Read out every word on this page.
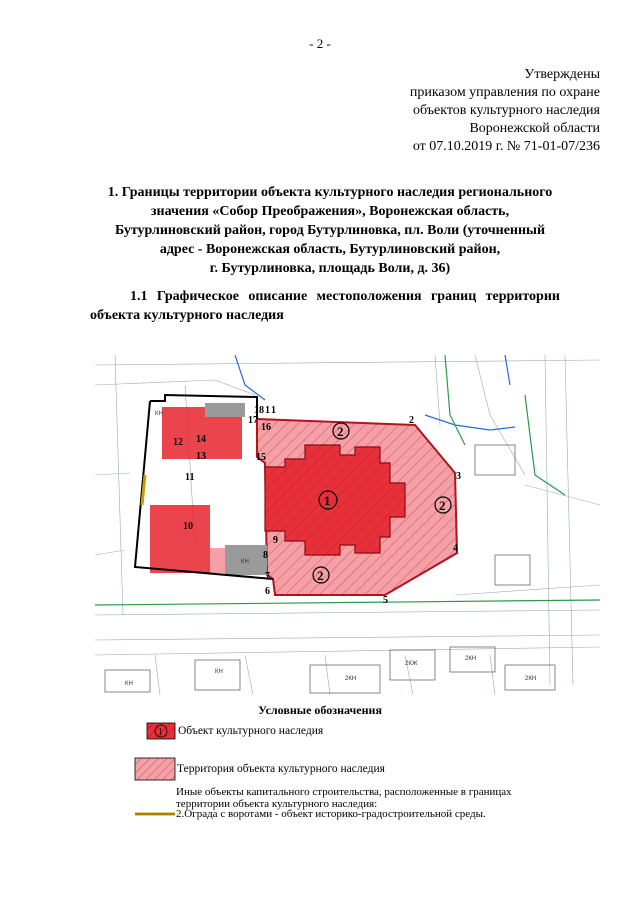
- 2 -
Утверждены
приказом управления по охране
объектов культурного наследия
Воронежской области
от 07.10.2019 г. № 71-01-07/236
1. Границы территории объекта культурного наследия регионального
значения «Собор Преображения», Воронежская область,
Бутурлиновский район, город Бутурлиновка, пл. Воли (уточненный
адрес - Воронежская область, Бутурлиновский район,
г. Бутурлиновка, площадь Воли, д. 36)
1.1 Графическое описание местоположения границ территории
объекта культурного наследия
1
2
3
4
5
6
7
8
9
10
11
12
13
14
15
16
17
18 1
1
2
2
2
КН
КН
2КН
2КЖ
2КН
КН
2КН
КН
Условные обозначения
1 Объект культурного наследия
Территория объекта культурного наследия
Иные объекты капитального строительства, расположенные в границах
территории объекта культурного наследия:
2.Ограда с воротами - объект историко-градостроительной среды.
